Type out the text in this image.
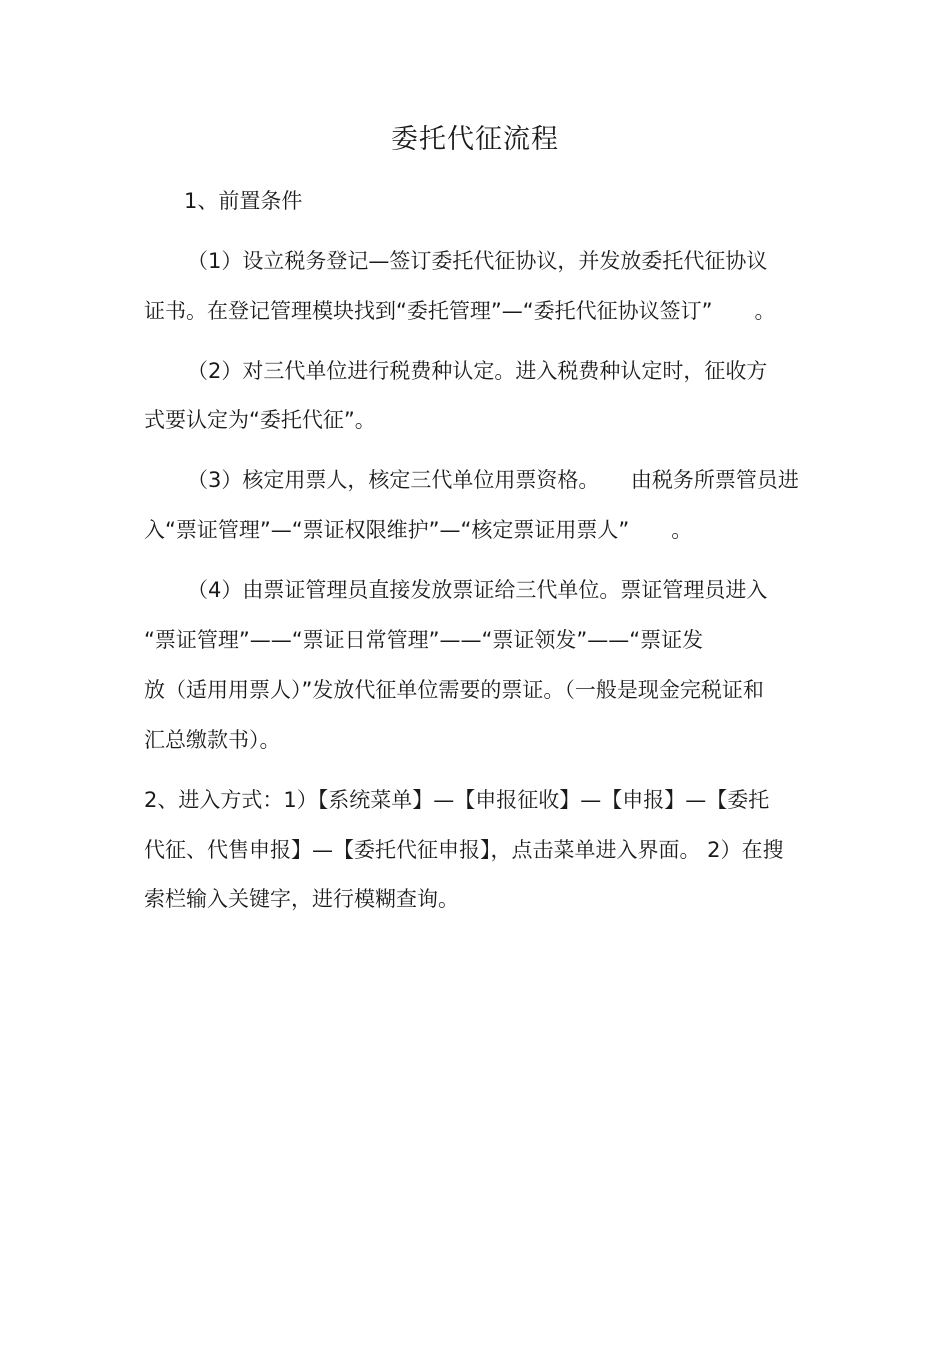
委托代征流程
1、前置条件
（1）设立税务登记—签订委托代征协议，并发放委托代征协议
证书。在登记管理模块找到“委托管理”—“委托代征协议签订”　　。
（2）对三代单位进行税费种认定。进入税费种认定时，征收方
式要认定为“委托代征”。
（3）核定用票人，核定三代单位用票资格。　　由税务所票管员进
入“票证管理”—“票证权限维护”—“核定票证用票人”　　。
（4）由票证管理员直接发放票证给三代单位。票证管理员进入
“票证管理”——“票证日常管理”——“票证领发”——“票证发
放（适用用票人）”发放代征单位需要的票证。（一般是现金完税证和
汇总缴款书）。
2、进入方式：1）【系统菜单】—【申报征收】—【申报】—【委托
代征、代售申报】—【委托代征申报】，点击菜单进入界面。 2）在搜
索栏输入关键字，进行模糊查询。
